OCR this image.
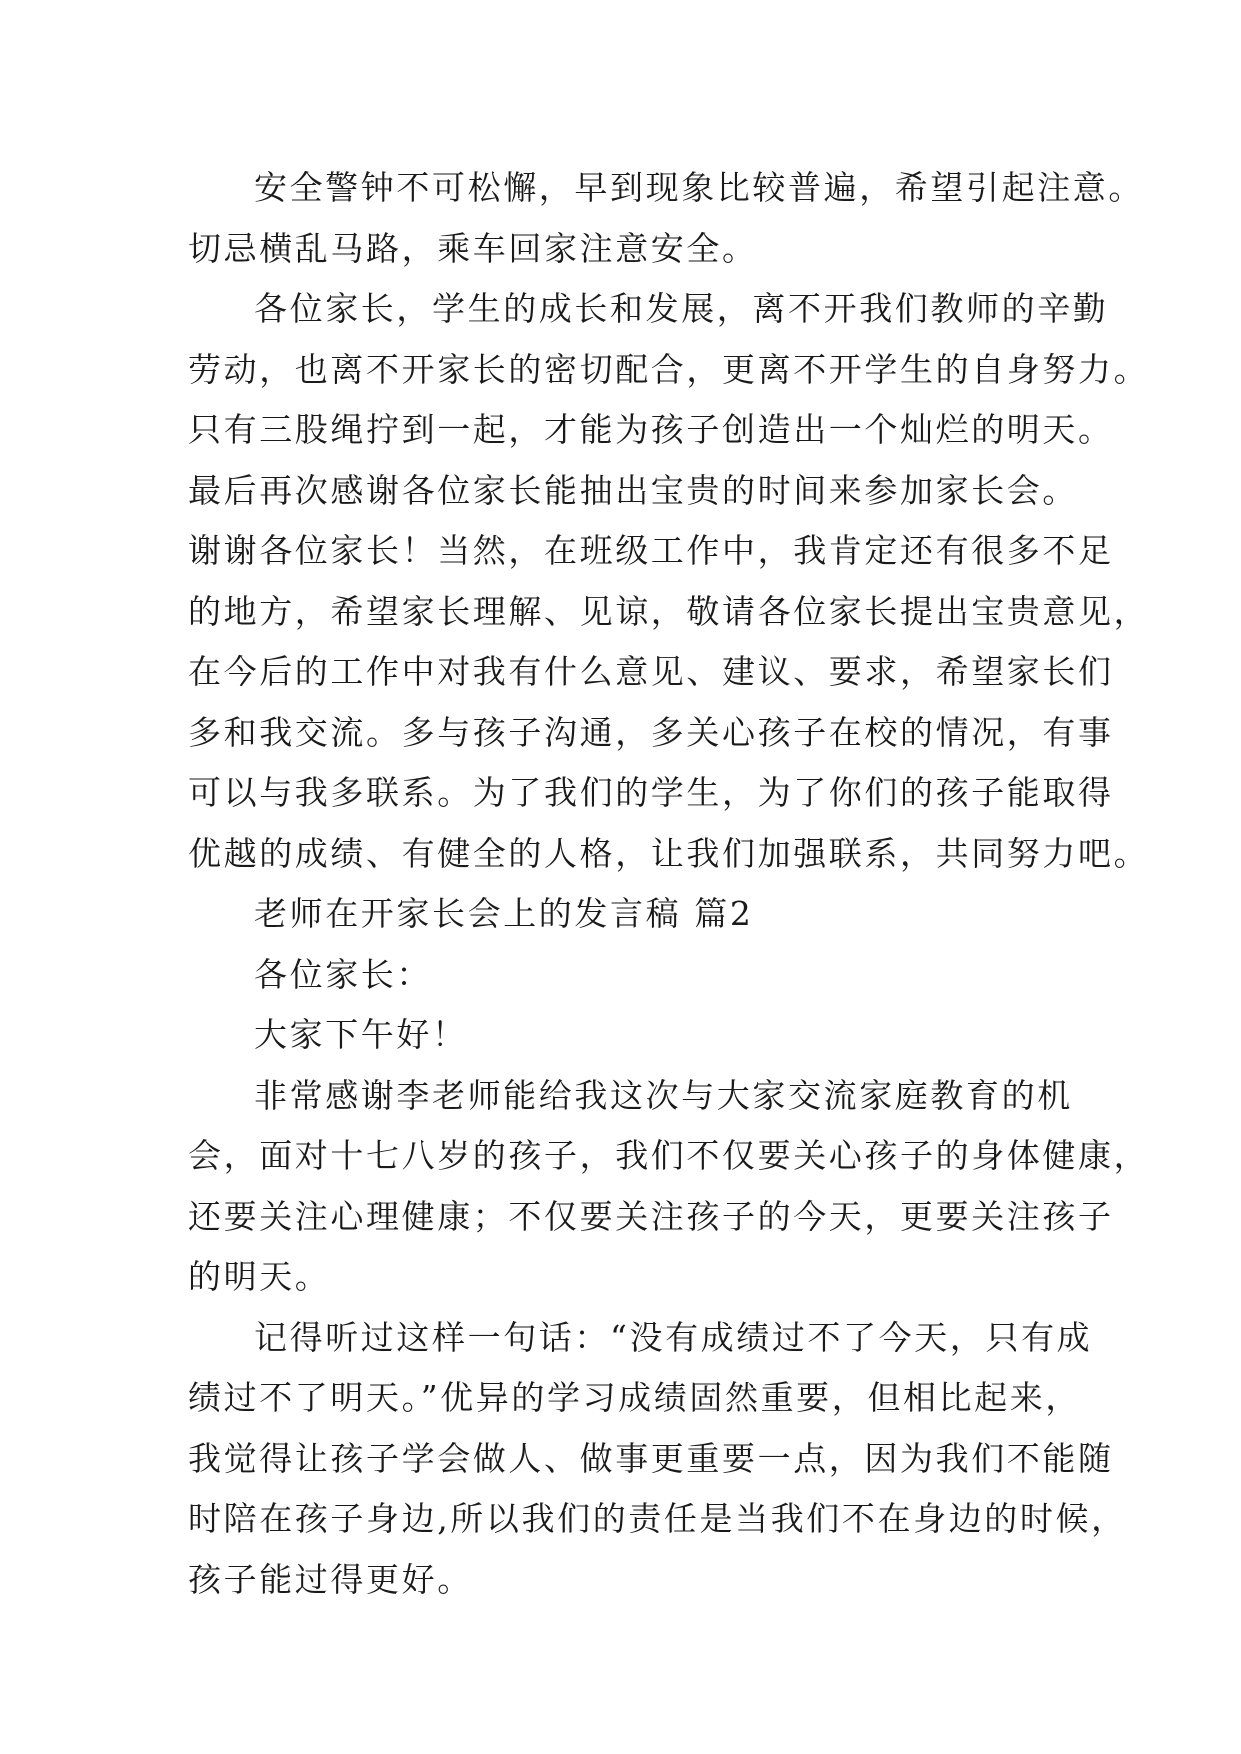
安全警钟不可松懈，早到现象比较普遍，希望引起注意。
切忌横乱马路，乘车回家注意安全。
各位家长，学生的成长和发展，离不开我们教师的辛勤
劳动，也离不开家长的密切配合，更离不开学生的自身努力。
只有三股绳拧到一起，才能为孩子创造出一个灿烂的明天。
最后再次感谢各位家长能抽出宝贵的时间来参加家长会。
谢谢各位家长！当然，在班级工作中，我肯定还有很多不足
的地方，希望家长理解、见谅，敬请各位家长提出宝贵意见，
在今后的工作中对我有什么意见、建议、要求，希望家长们
多和我交流。多与孩子沟通，多关心孩子在校的情况，有事
可以与我多联系。为了我们的学生，为了你们的孩子能取得
优越的成绩、有健全的人格，让我们加强联系，共同努力吧。
老师在开家长会上的发言稿 篇2
各位家长：
大家下午好！
非常感谢李老师能给我这次与大家交流家庭教育的机
会，面对十七八岁的孩子，我们不仅要关心孩子的身体健康，
还要关注心理健康；不仅要关注孩子的今天，更要关注孩子
的明天。
记得听过这样一句话：“没有成绩过不了今天，只有成
绩过不了明天。”优异的学习成绩固然重要，但相比起来，
我觉得让孩子学会做人、做事更重要一点，因为我们不能随
时陪在孩子身边,所以我们的责任是当我们不在身边的时候，
孩子能过得更好。
